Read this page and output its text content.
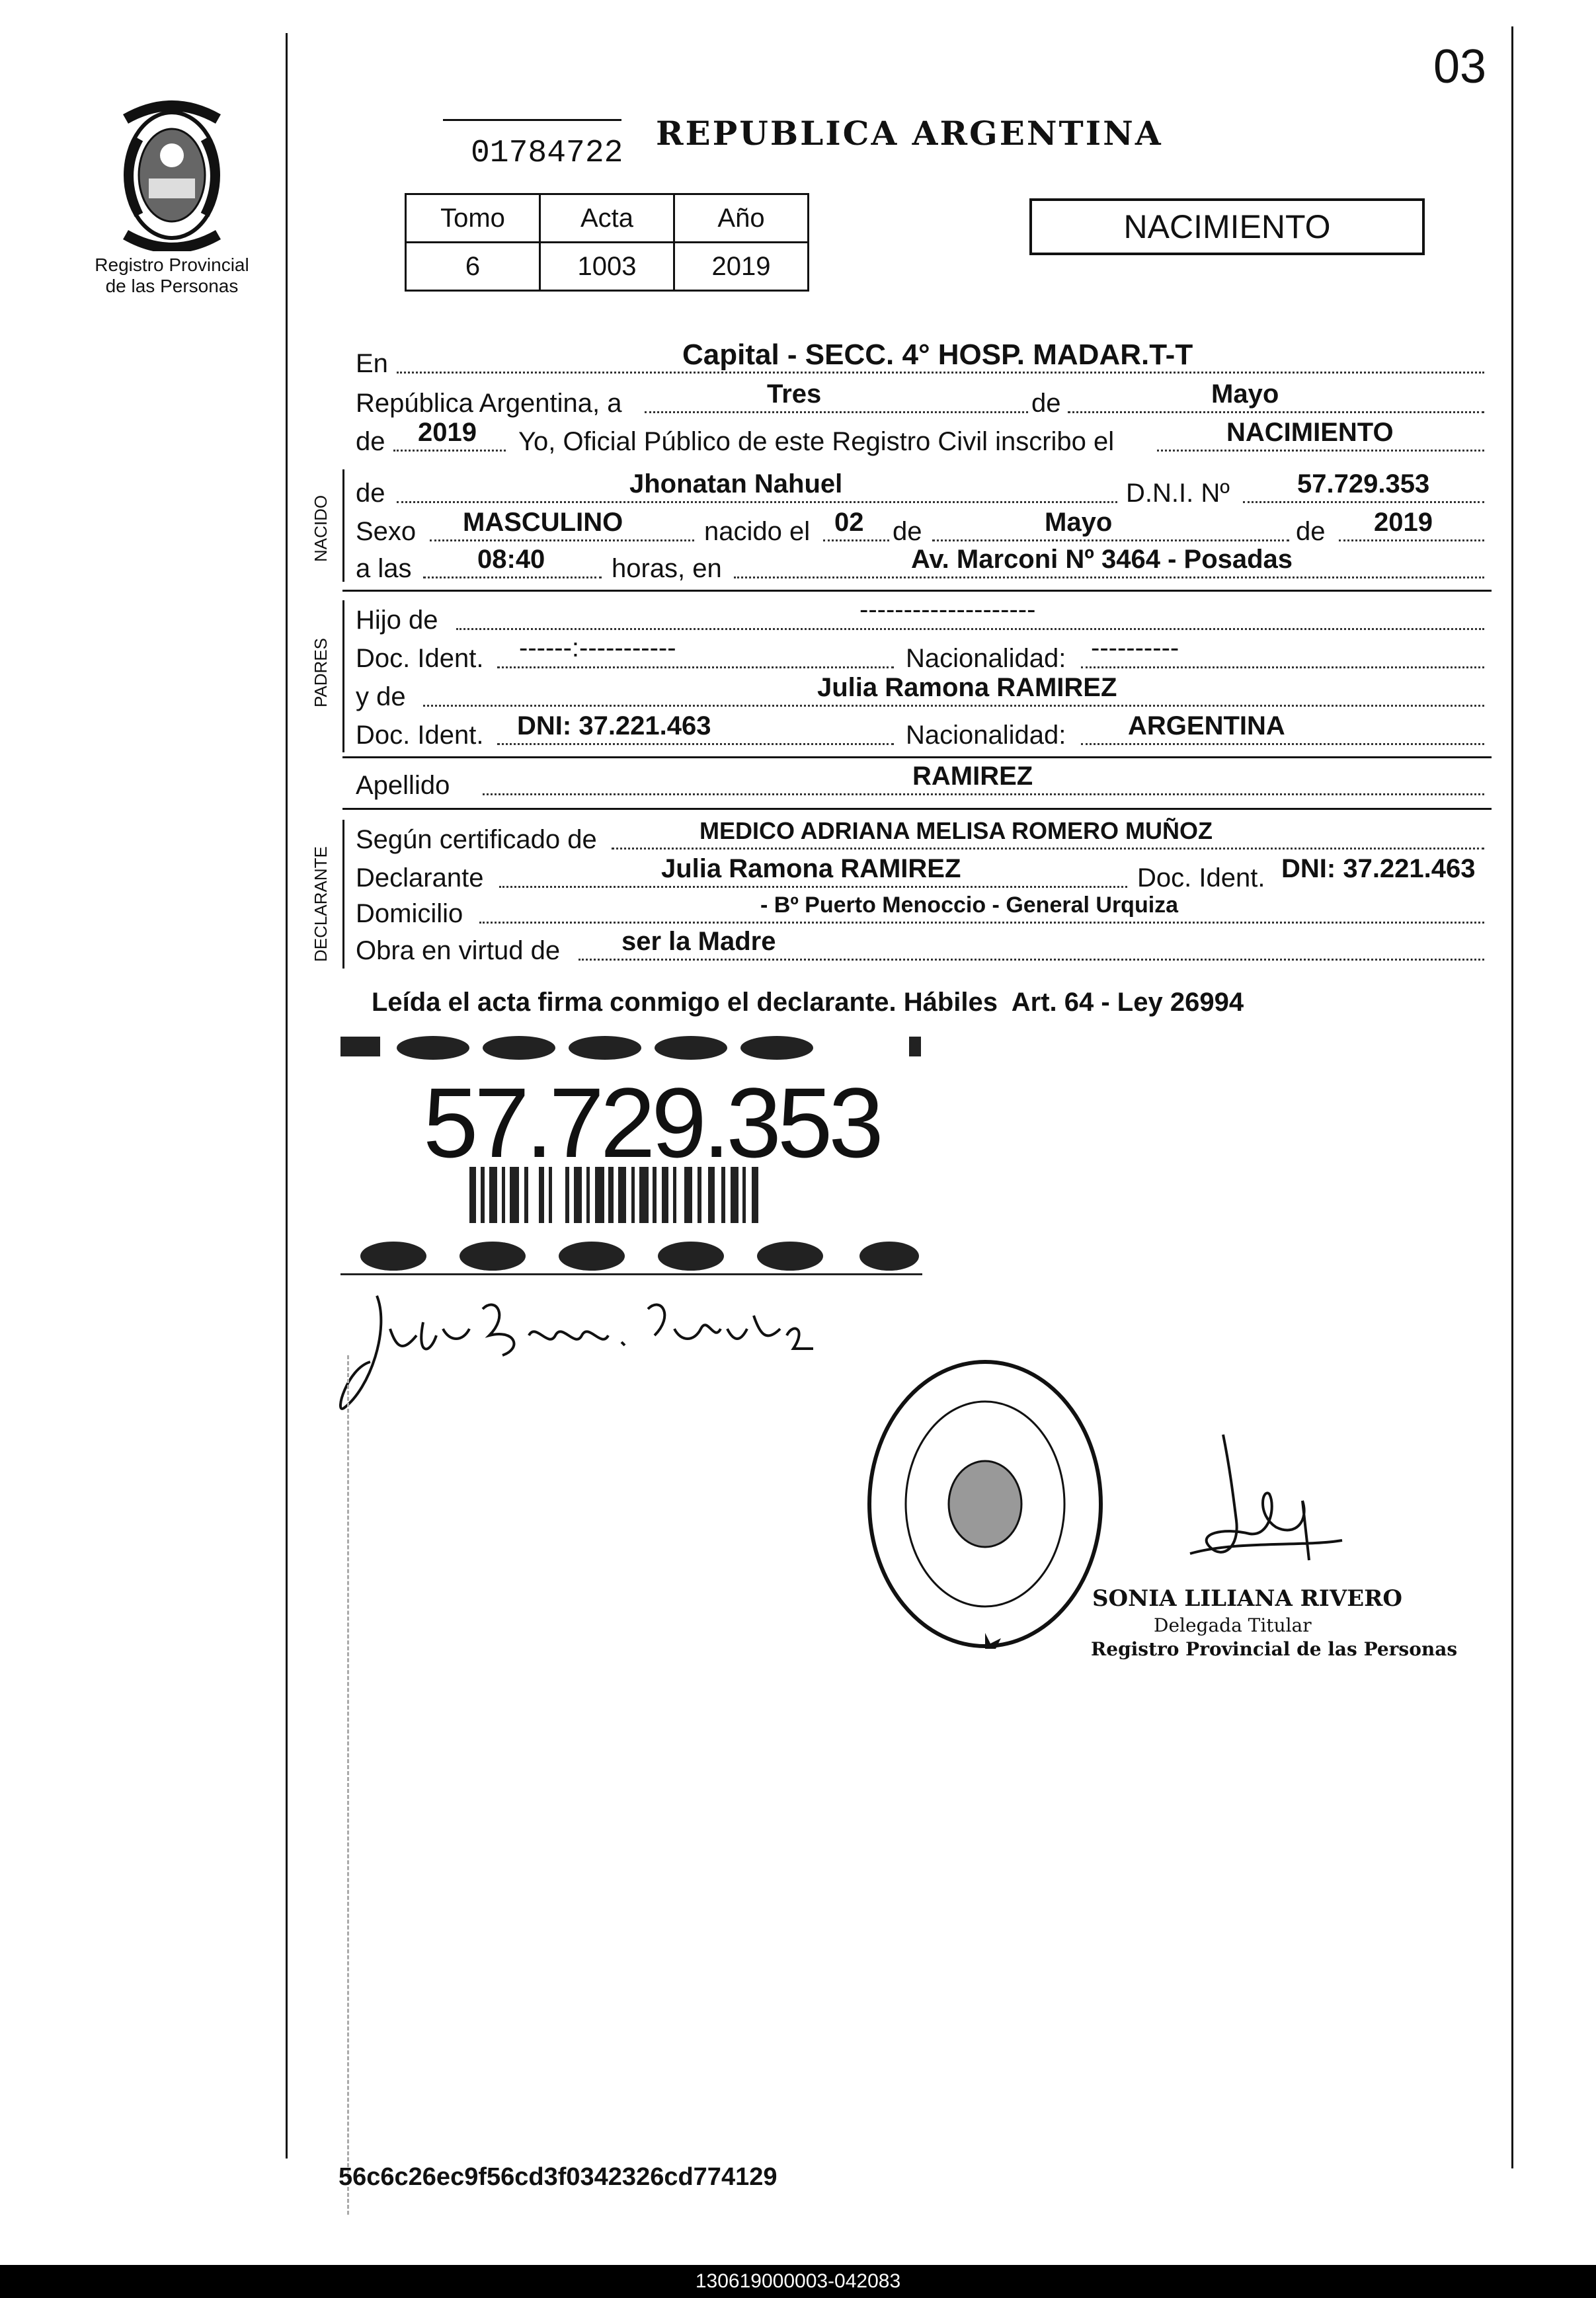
03
Registro Provincial
de las Personas
01784722
REPUBLICA ARGENTINA
Tomo	Acta	Año
6	1003	2019
NACIMIENTO
En	Capital - SECC. 4° HOSP. MADAR.T-T
República Argentina, a	Tres	de	Mayo
de 2019 Yo, Oficial Público de este Registro Civil inscribo el	NACIMIENTO
NACIDO
de	Jhonatan Nahuel	D.N.I. Nº	57.729.353
Sexo MASCULINO	nacido el 02 de	Mayo	de 2019
a las 08:40	horas, en	Av. Marconi Nº 3464 - Posadas
PADRES
Hijo de	--------------------
Doc. Ident. ------:-----------	Nacionalidad: ----------
y de	Julia Ramona RAMIREZ
Doc. Ident. DNI: 37.221.463	Nacionalidad: ARGENTINA
Apellido	RAMIREZ
DECLARANTE
Según certificado de	MEDICO ADRIANA MELISA ROMERO MUÑOZ
Declarante	Julia Ramona RAMIREZ	Doc. Ident. DNI: 37.221.463
Domicilio	- Bº Puerto Menoccio - General Urquiza
Obra en virtud de ser la Madre
Leída el acta firma conmigo el declarante. Hábiles  Art. 64 - Ley 26994
57.729.353
SONIA LILIANA RIVERO
Delegada Titular
Registro Provincial de las Personas
56c6c26ec9f56cd3f0342326cd774129
130619000003-042083
